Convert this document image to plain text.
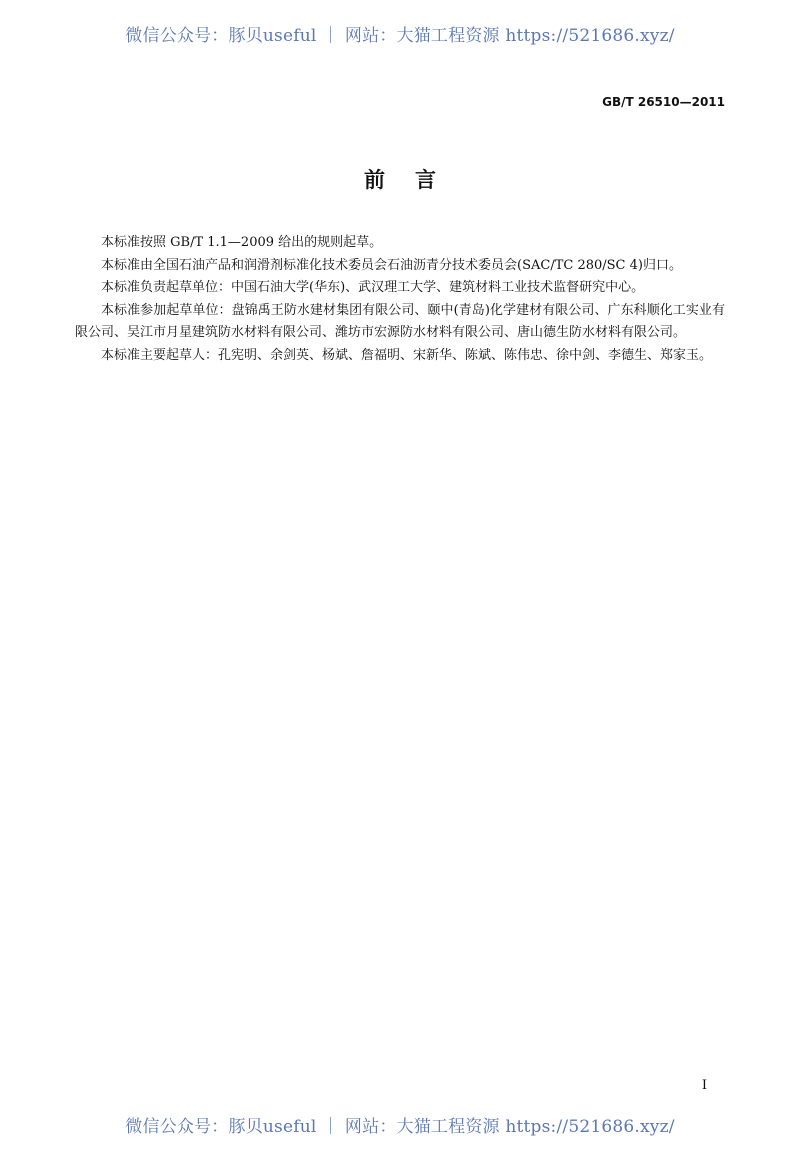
微信公众号：豚贝useful ｜ 网站：大猫工程资源 https://521686.xyz/
GB/T 26510—2011
前言

本标准按照 GB/T 1.1—2009 给出的规则起草。

本标准由全国石油产品和润滑剂标准化技术委员会石油沥青分技术委员会(SAC/TC 280/SC 4)归口。

本标准负责起草单位：中国石油大学(华东)、武汉理工大学、建筑材料工业技术监督研究中心。

本标准参加起草单位：盘锦禹王防水建材集团有限公司、颐中(青岛)化学建材有限公司、广东科顺化工实业有限公司、吴江市月星建筑防水材料有限公司、潍坊市宏源防水材料有限公司、唐山德生防水材料有限公司。

本标准主要起草人：孔宪明、余剑英、杨斌、詹福明、宋新华、陈斌、陈伟忠、徐中剑、李德生、郑家玉。

I
微信公众号：豚贝useful ｜ 网站：大猫工程资源 https://521686.xyz/
